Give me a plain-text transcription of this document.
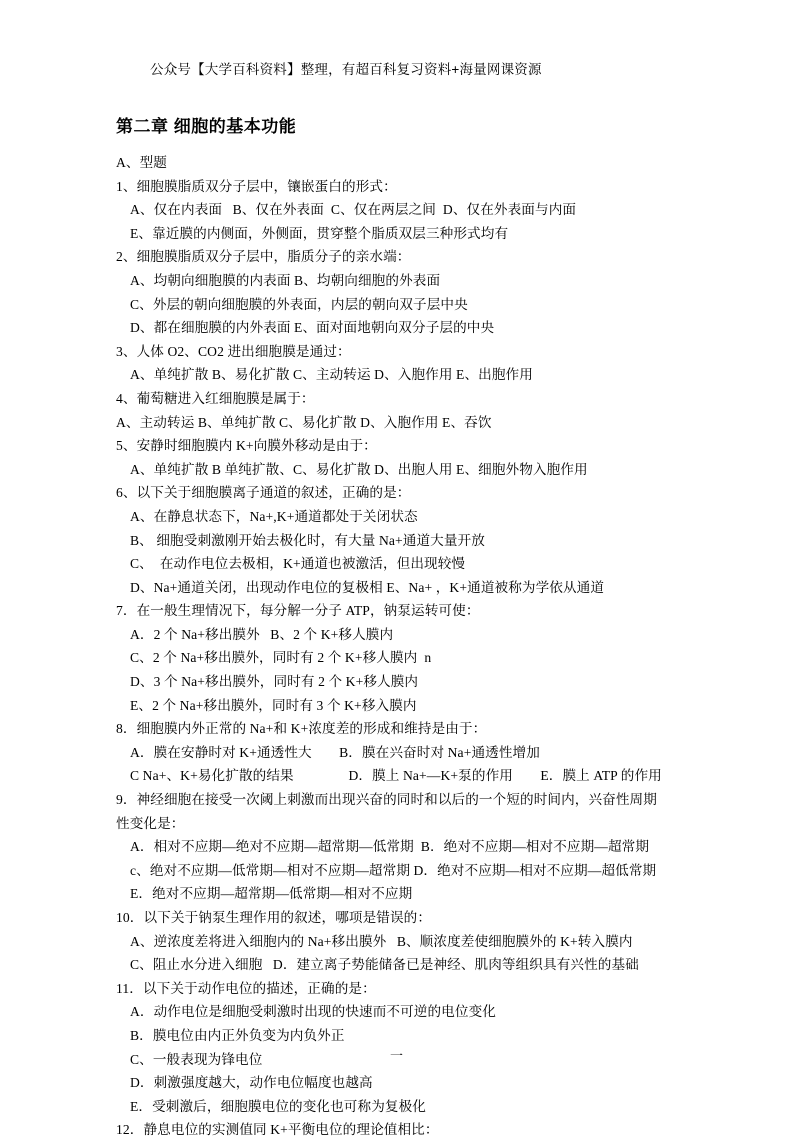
公众号【大学百科资料】整理，有超百科复习资料+海量网课资源
第二章 细胞的基本功能
A、型题
1、细胞膜脂质双分子层中，镶嵌蛋白的形式：
A、仅在内表面   B、仅在外表面  C、仅在两层之间  D、仅在外表面与内面
E、靠近膜的内侧面，外侧面，贯穿整个脂质双层三种形式均有
2、细胞膜脂质双分子层中，脂质分子的亲水端：
A、均朝向细胞膜的内表面 B、均朝向细胞的外表面
C、外层的朝向细胞膜的外表面，内层的朝向双子层中央
D、都在细胞膜的内外表面 E、面对面地朝向双分子层的中央
3、人体 O2、CO2 进出细胞膜是通过：
A、单纯扩散 B、易化扩散 C、主动转运 D、入胞作用 E、出胞作用
4、葡萄糖进入红细胞膜是属于：
A、主动转运 B、单纯扩散 C、易化扩散 D、入胞作用 E、吞饮
5、安静时细胞膜内 K+向膜外移动是由于：
A、单纯扩散 B 单纯扩散、C、易化扩散 D、出胞人用 E、细胞外物入胞作用
6、以下关于细胞膜离子通道的叙述，正确的是：
A、在静息状态下，Na+,K+通道都处于关闭状态
B、 细胞受刺激刚开始去极化时，有大量 Na+通道大量开放
C、  在动作电位去极相，K+通道也被激活，但出现较慢
D、Na+通道关闭，出现动作电位的复极相 E、Na+ ，K+通道被称为学依从通道
7．在一般生理情况下，每分解一分子 ATP，钠泵运转可使：
A．2 个 Na+移出膜外   B、2 个 K+移人膜内
C、2 个 Na+移出膜外，同时有 2 个 K+移人膜内  n
D、3 个 Na+移出膜外，同时有 2 个 K+移人膜内
E、2 个 Na+移出膜外，同时有 3 个 K+移入膜内
8．细胞膜内外正常的 Na+和 K+浓度差的形成和维持是由于：
A．膜在安静时对 K+通透性大　　B．膜在兴奋时对 Na+通透性增加
C Na+、K+易化扩散的结果　　　　D．膜上 Na+—K+泵的作用　　E．膜上 ATP 的作用
9．神经细胞在接受一次阈上刺激而出现兴奋的同时和以后的一个短的时间内，兴奋性周期
性变化是：
A．相对不应期—绝对不应期—超常期—低常期  B．绝对不应期—相对不应期—超常期
c、绝对不应期—低常期—相对不应期—超常期 D．绝对不应期—相对不应期—超低常期
E．绝对不应期—超常期—低常期—相对不应期
10．以下关于钠泵生理作用的叙述，哪项是错误的：
A、逆浓度差将进入细胞内的 Na+移出膜外   B、顺浓度差使细胞膜外的 K+转入膜内
C、阻止水分进入细胞   D．建立离子势能储备已是神经、肌肉等组织具有兴性的基础
11．以下关于动作电位的描述，正确的是：
A．动作电位是细胞受刺激时出现的快速而不可逆的电位变化
B．膜电位由内正外负变为内负外正
C、一般表现为锋电位
D．刺激强度越大，动作电位幅度也越高
E．受刺激后，细胞膜电位的变化也可称为复极化
12．静息电位的实测值同 K+平衡电位的理论值相比：
一
